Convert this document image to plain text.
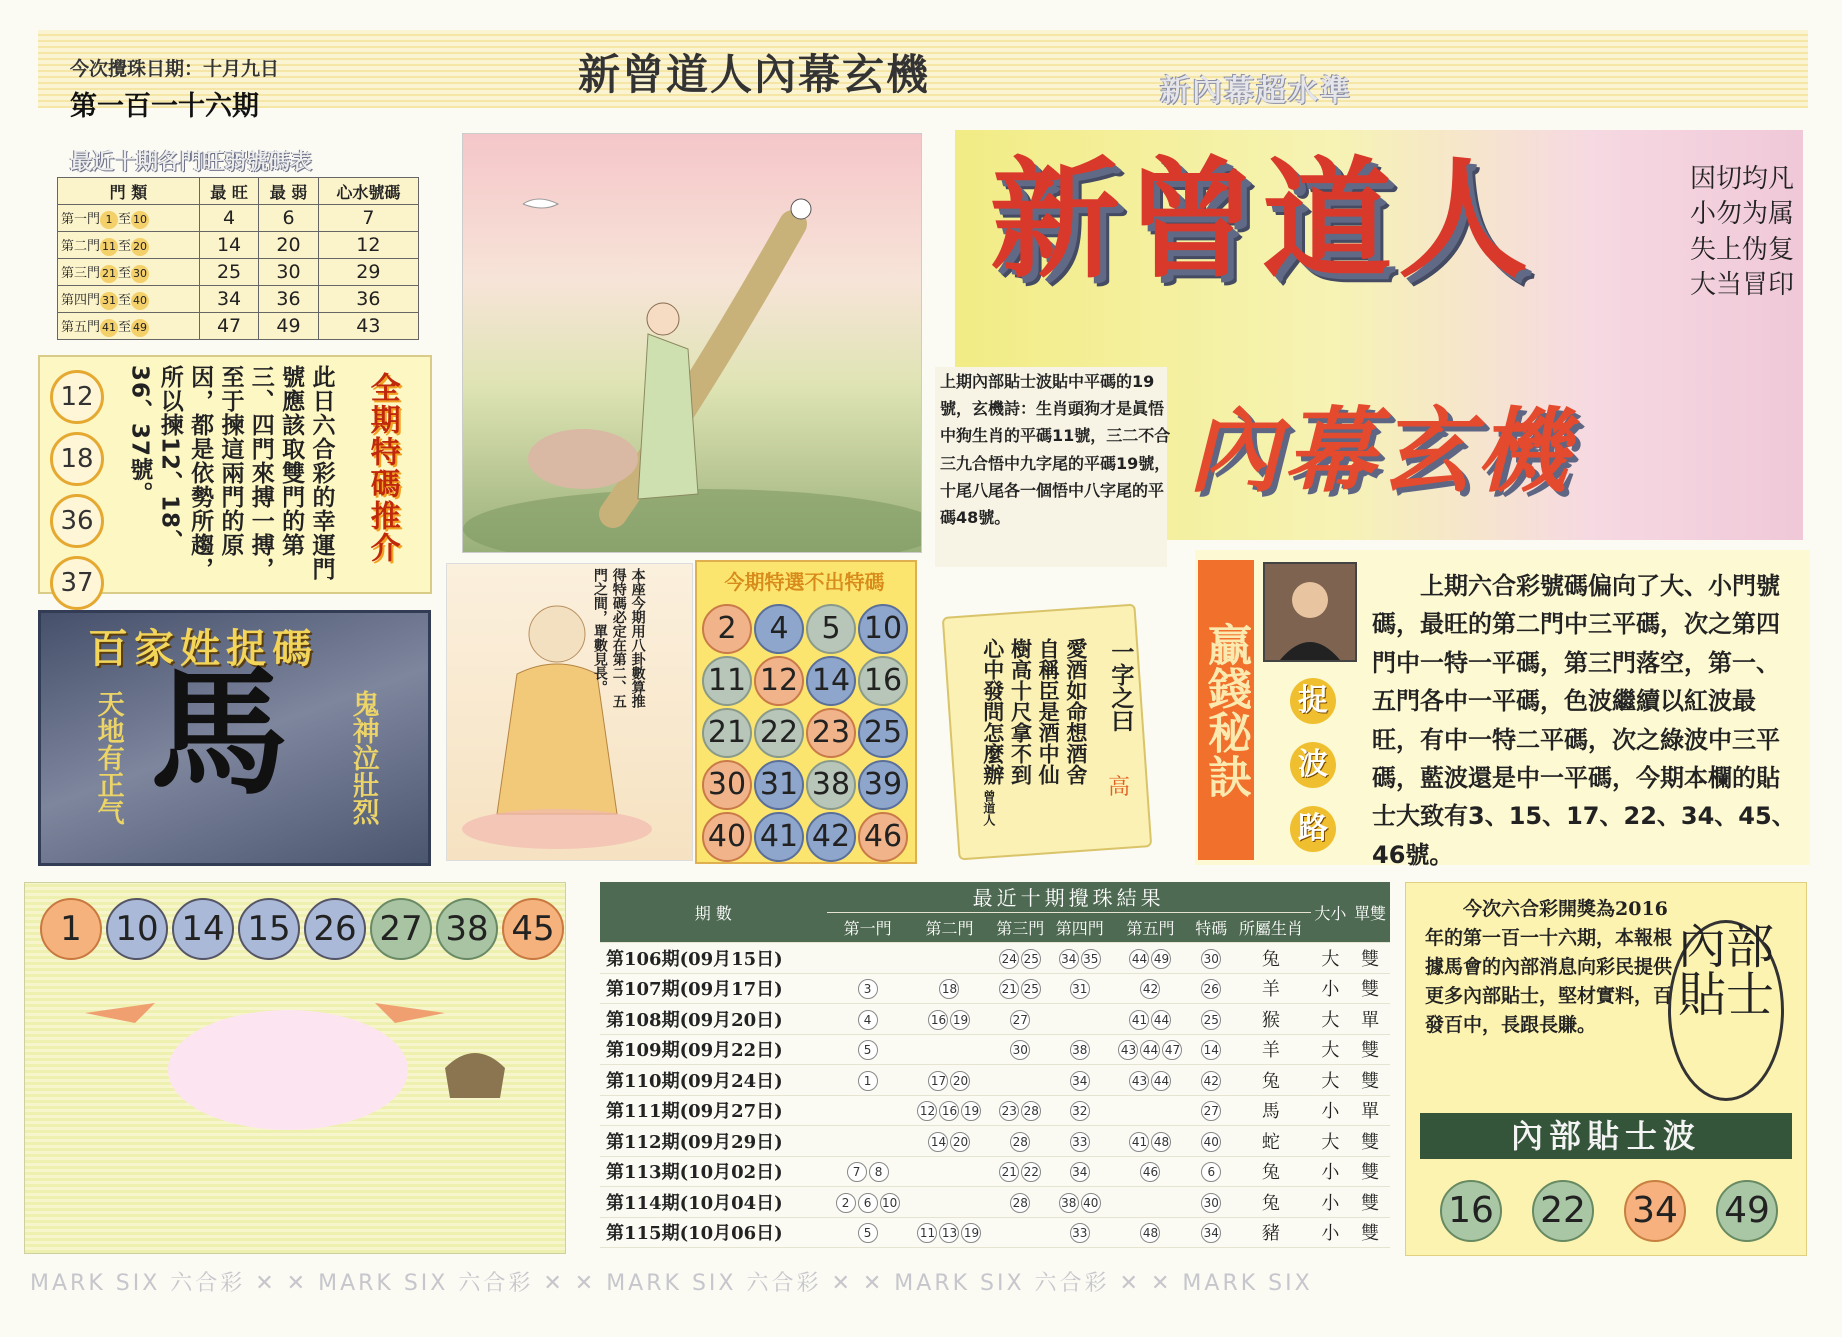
今次攪珠日期：十月九日
第一百一十六期
新曾道人內幕玄機	新內幕超水準
最近十期各門旺弱號碼表
門 類	最 旺	最 弱	心水號碼
第一門 1 至 10	4	6	7
第二門 11 至 20	14	20	12
第三門 21 至 30	25	30	29
第四門 31 至 40	34	36	36
第五門 41 至 49	47	49	43
12
18
36
37
此日六合彩的幸運門號應該取雙門的第三、四門來搏一搏，至于揀這兩門的原因，都是依勢所趨，所以揀12、18、36、37號。	全期特碼推介
百家姓捉碼
馬
天地有正气	鬼神泣壯烈
本座今期用八卦數算推得特碼必定在第二、五門之間，單數見長。	今期特選不出特碼
2	4	5 10
11 12 14 16
21 22 23 25
30 31 38 39
40 41 42 46
新曾道人
內幕玄機
因切均凡
小勿为属
失上伪复
大当冒印
上期內部貼士波貼中平碼的19號，玄機詩：生肖頭狗才是眞悟中狗生肖的平碼11號，三二不合三九合悟中九字尾的平碼19號，十尾八尾各一個悟中八字尾的平碼48號。
一字之曰
愛酒如命想酒舍
自稱臣是酒中仙
樹高十尺拿不到
心中發問怎麼辦
高
曾道人
贏錢秘訣 捉
波
路
上期六合彩號碼偏向了大、小門號碼，最旺的第二門中三平碼，次之第四門中一特一平碼，第三門落空，第一、五門各中一平碼，色波繼續以紅波最旺，有中一特二平碼，次之綠波中三平碼，藍波還是中一平碼，今期本欄的貼士大致有3、15、17、22、34、45、46號。
1 10 14 15 26 27 38 45	期 數	最近十期攪珠結果							大小	單雙
	第一門	第二門	第三門	第四門	第五門	特碼	所屬生肖		
第106期(09月15日)			24 25	34 35	44 49	30	兔	大	雙
第107期(09月17日)	3	18	21 25	31	42	26	羊	小	雙
第108期(09月20日)	4	16 19	27		41 44	25	猴	大	單
第109期(09月22日)	5		30	38	43 44 47	14	羊	大	雙
第110期(09月24日)	1	17 20		34	43 44	42	兔	大	雙
第111期(09月27日)		12 16 19	23 28	32		27	馬	小	單
第112期(09月29日)		14 20	28	33	41 48	40	蛇	大	雙
第113期(10月02日)	7 8		21 22	34	46	6	兔	小	雙
第114期(10月04日)	2 6 10		28	38 40		30	兔	小	雙
第115期(10月06日)	5	11 13 19		33	48	34	豬	小	雙
今次六合彩開獎為2016年的第一百一十六期，本報根據馬會的內部消息向彩民提供更多內部貼士，堅材實料，百發百中，長跟長賺。
內部
貼士
內部貼士波
16 22 34 49
MARK SIX 六合彩 ✕ ✕ MARK SIX 六合彩 ✕ ✕ MARK SIX 六合彩 ✕ ✕ MARK SIX 六合彩 ✕ ✕ MARK SIX
